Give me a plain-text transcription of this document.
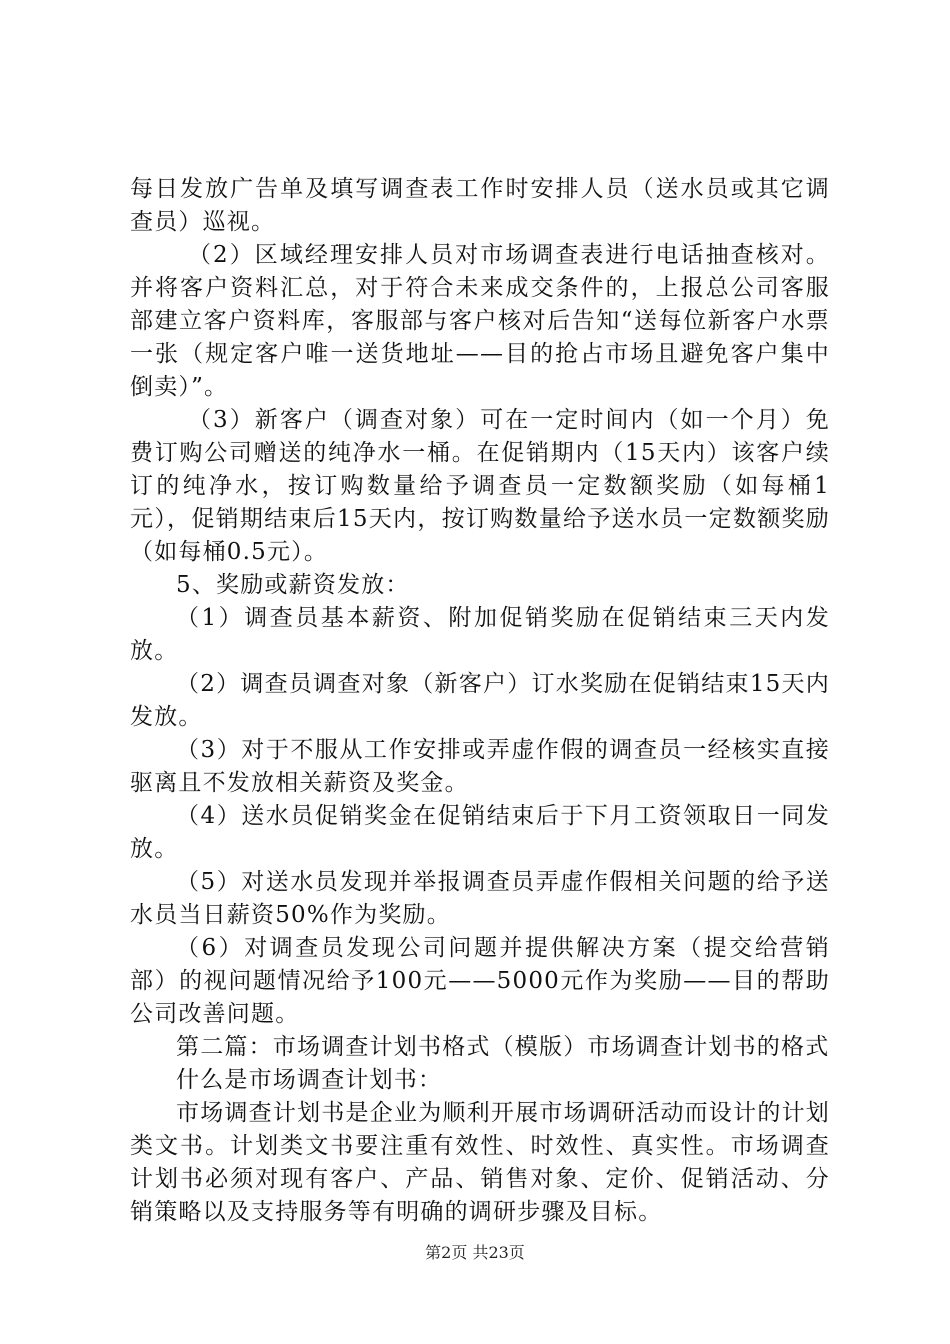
每日发放广告单及填写调查表工作时安排人员（送水员或其它调查员）巡视。

（2）区域经理安排人员对市场调查表进行电话抽查核对。并将客户资料汇总，对于符合未来成交条件的，上报总公司客服部建立客户资料库，客服部与客户核对后告知“送每位新客户水票一张（规定客户唯一送货地址——目的抢占市场且避免客户集中倒卖）”。

（3）新客户（调查对象）可在一定时间内（如一个月）免费订购公司赠送的纯净水一桶。在促销期内（15天内）该客户续订的纯净水，按订购数量给予调查员一定数额奖励（如每桶1元），促销期结束后15天内，按订购数量给予送水员一定数额奖励（如每桶0.5元）。

5、奖励或薪资发放：

（1）调查员基本薪资、附加促销奖励在促销结束三天内发放。

（2）调查员调查对象（新客户）订水奖励在促销结束15天内发放。

（3）对于不服从工作安排或弄虚作假的调查员一经核实直接驱离且不发放相关薪资及奖金。

（4）送水员促销奖金在促销结束后于下月工资领取日一同发放。

（5）对送水员发现并举报调查员弄虚作假相关问题的给予送水员当日薪资50%作为奖励。

（6）对调查员发现公司问题并提供解决方案（提交给营销部）的视问题情况给予100元——5000元作为奖励——目的帮助公司改善问题。

第二篇：市场调查计划书格式（模版）市场调查计划书的格式

什么是市场调查计划书：

市场调查计划书是企业为顺利开展市场调研活动而设计的计划类文书。计划类文书要注重有效性、时效性、真实性。市场调查计划书必须对现有客户、产品、销售对象、定价、促销活动、分销策略以及支持服务等有明确的调研步骤及目标。

第2页 共23页
